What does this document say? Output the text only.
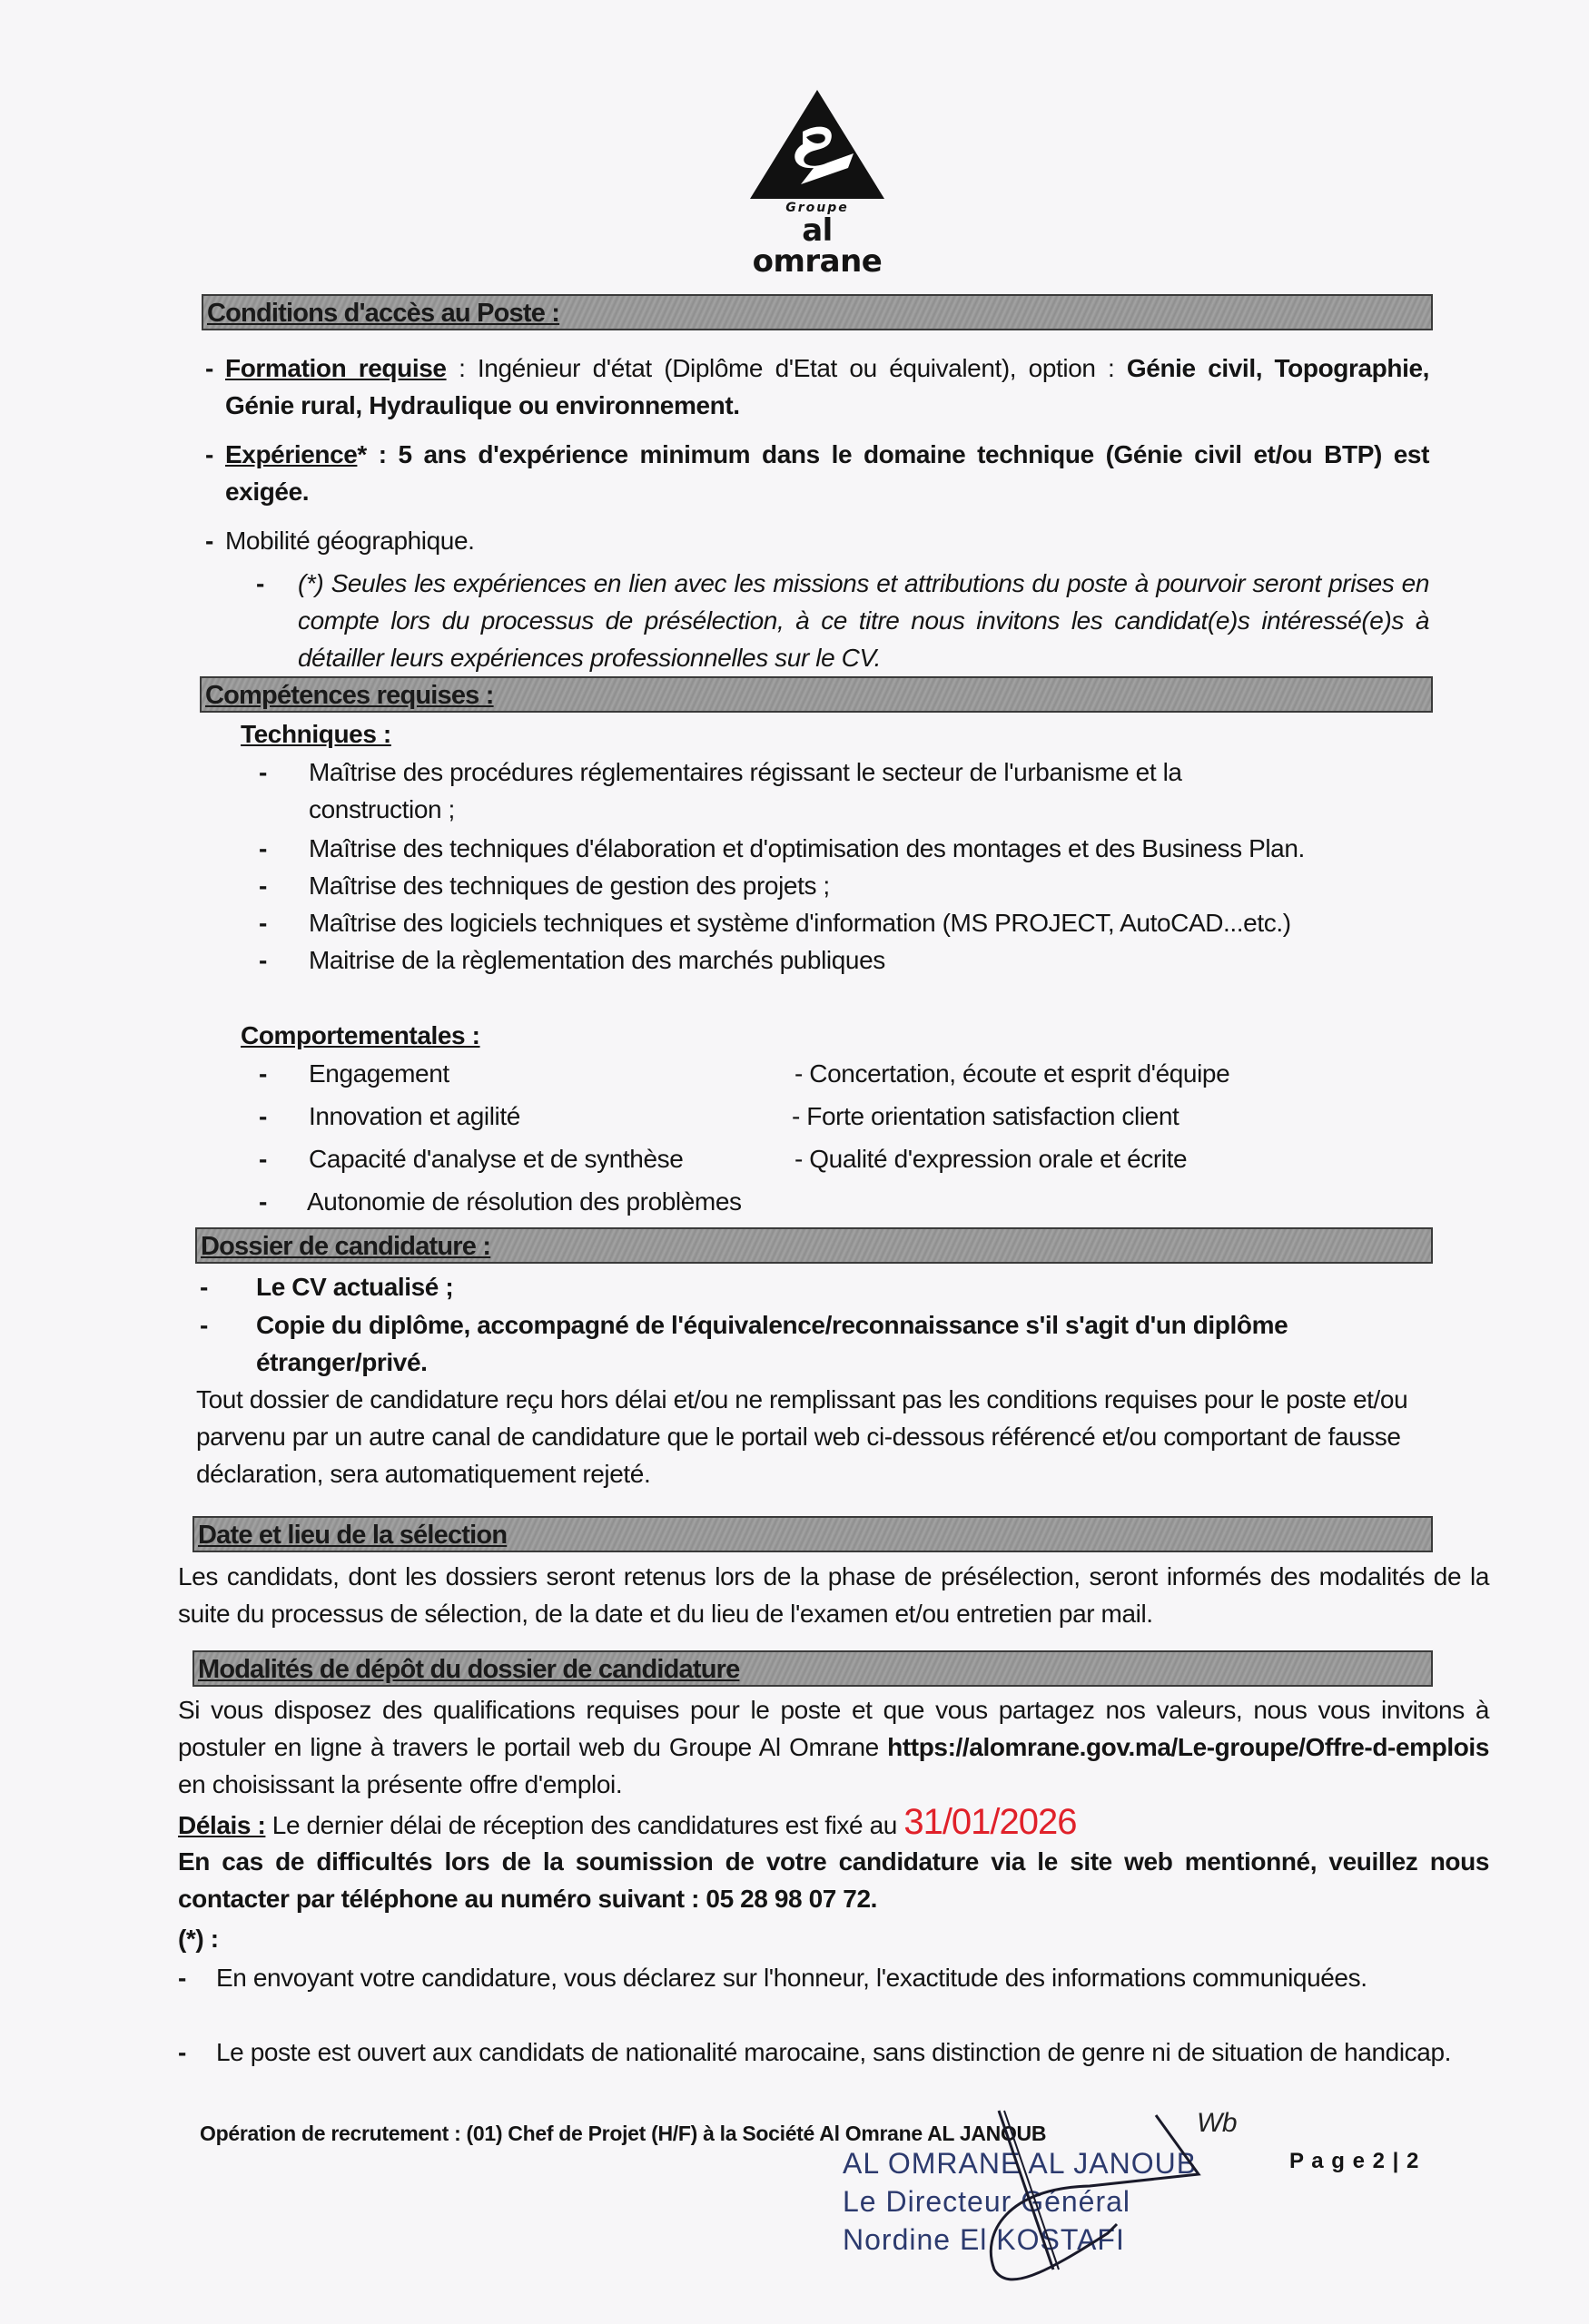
Groupe
al omrane
Conditions d'accès au Poste :
- Formation requise : Ingénieur d'état (Diplôme d'Etat ou équivalent), option : Génie civil, Topographie, Génie rural, Hydraulique ou environnement.
- Expérience* : 5 ans d'expérience minimum dans le domaine technique (Génie civil et/ou BTP) est exigée.
- Mobilité géographique.
- (*) Seules les expériences en lien avec les missions et attributions du poste à pourvoir seront prises en compte lors du processus de présélection, à ce titre nous invitons les candidat(e)s intéressé(e)s à détailler leurs expériences professionnelles sur le CV.
Compétences requises :
Techniques :
- Maîtrise des procédures réglementaires régissant le secteur de l'urbanisme et la construction ;
- Maîtrise des techniques d'élaboration et d'optimisation des montages et des Business Plan.
- Maîtrise des techniques de gestion des projets ;
- Maîtrise des logiciels techniques et système d'information (MS PROJECT, AutoCAD...etc.)
- Maitrise de la règlementation des marchés publiques
Comportementales :
- Engagement
- Innovation et agilité
- Capacité d'analyse et de synthèse
- Autonomie de résolution des problèmes
- Concertation, écoute et esprit d'équipe
- Forte orientation satisfaction client
- Qualité d'expression orale et écrite
Dossier de candidature :
- Le CV actualisé ;
- Copie du diplôme, accompagné de l'équivalence/reconnaissance s'il s'agit d'un diplôme étranger/privé.
Tout dossier de candidature reçu hors délai et/ou ne remplissant pas les conditions requises pour le poste et/ou parvenu par un autre canal de candidature que le portail web ci-dessous référencé et/ou comportant de fausse déclaration, sera automatiquement rejeté.
Date et lieu de la sélection
Les candidats, dont les dossiers seront retenus lors de la phase de présélection, seront informés des modalités de la suite du processus de sélection, de la date et du lieu de l'examen et/ou entretien par mail.
Modalités de dépôt du dossier de candidature
Si vous disposez des qualifications requises pour le poste et que vous partagez nos valeurs, nous vous invitons à postuler en ligne à travers le portail web du Groupe Al Omrane https://alomrane.gov.ma/Le-groupe/Offre-d-emplois en choisissant la présente offre d'emploi.
Délais : Le dernier délai de réception des candidatures est fixé au 31/01/2026
En cas de difficultés lors de la soumission de votre candidature via le site web mentionné, veuillez nous contacter par téléphone au numéro suivant : 05 28 98 07 72.
(*) :
- En envoyant votre candidature, vous déclarez sur l'honneur, l'exactitude des informations communiquées.
- Le poste est ouvert aux candidats de nationalité marocaine, sans distinction de genre ni de situation de handicap.
Opération de recrutement : (01) Chef de Projet (H/F) à la Société Al Omrane AL JANOUB
P a g e 2 | 2
AL OMRANE AL JANOUB
Le Directeur Général
Nordine El KOSTAFI
Wb
